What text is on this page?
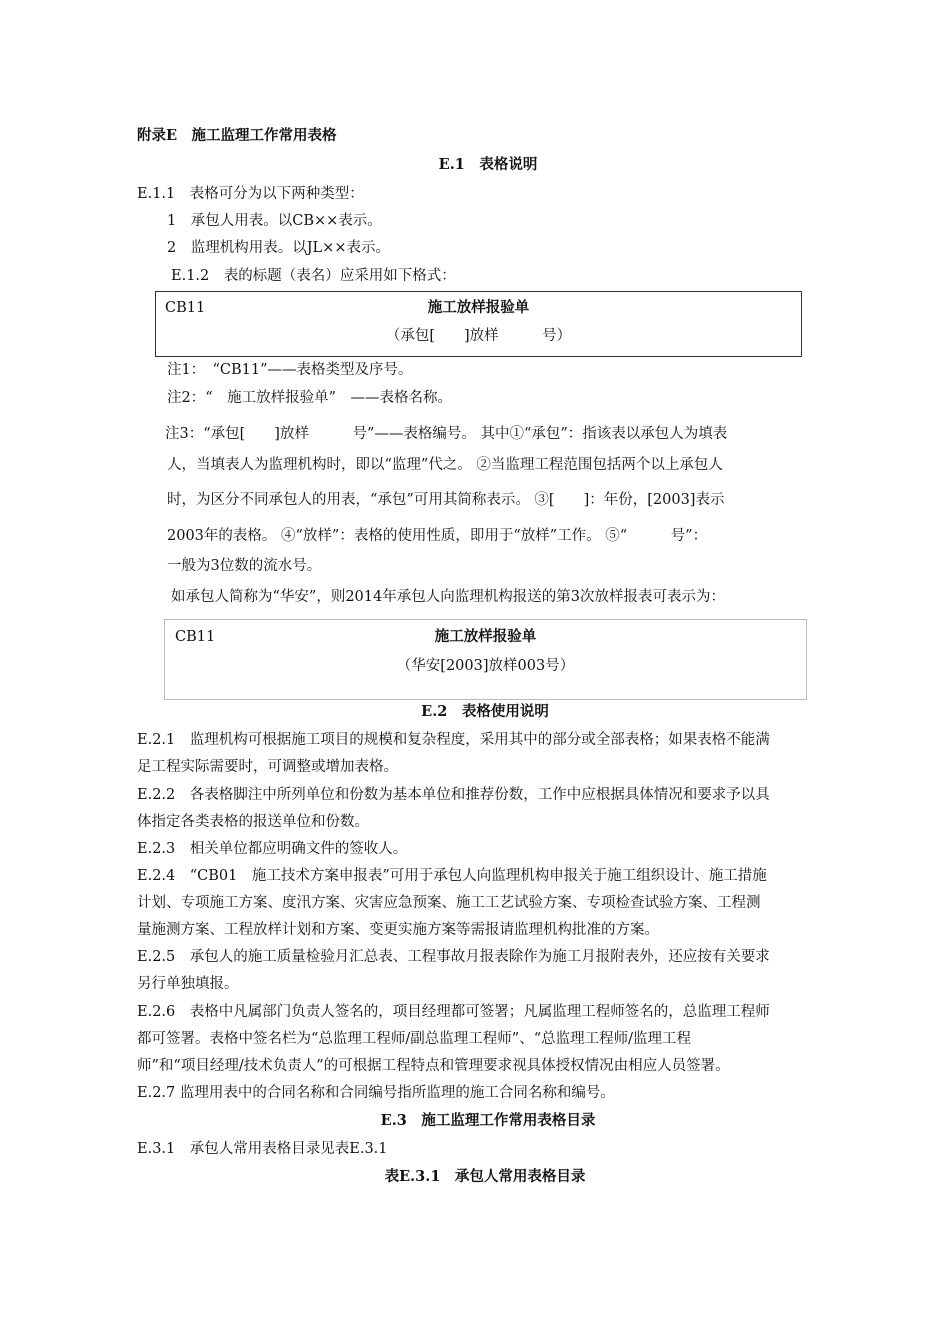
附录E　施工监理工作常用表格
E.1　表格说明
E.1.1　表格可分为以下两种类型：
1　承包人用表。以CB××表示。
2　监理机构用表。以JL××表示。
E.1.2　表的标题（表名）应采用如下格式：
CB11	施工放样报验单
（承包[　　]放样　　　号）
注1：　“CB11”——表格类型及序号。
注2：“　施工放样报验单”　——表格名称。
注3：“承包[　　]放样　　　号”——表格编号。 其中①“承包”：指该表以承包人为填表
人，当填表人为监理机构时，即以“监理”代之。 ②当监理工程范围包括两个以上承包人
时，为区分不同承包人的用表，“承包”可用其简称表示。 ③[　　]：年份，[2003]表示
2003年的表格。 ④“放样”：表格的使用性质，即用于“放样”工作。 ⑤“　　　号”：
一般为3位数的流水号。
如承包人简称为“华安”，则2014年承包人向监理机构报送的第3次放样报表可表示为：
CB11	施工放样报验单
（华安[2003]放样003号）
E.2　表格使用说明
E.2.1　监理机构可根据施工项目的规模和复杂程度，采用其中的部分或全部表格；如果表格不能满
足工程实际需要时，可调整或增加表格。
E.2.2　各表格脚注中所列单位和份数为基本单位和推荐份数，工作中应根据具体情况和要求予以具
体指定各类表格的报送单位和份数。
E.2.3　相关单位都应明确文件的签收人。
E.2.4　“CB01　施工技术方案申报表”可用于承包人向监理机构申报关于施工组织设计、施工措施
计划、专项施工方案、度汛方案、灾害应急预案、施工工艺试验方案、专项检查试验方案、工程测
量施测方案、工程放样计划和方案、变更实施方案等需报请监理机构批准的方案。
E.2.5　承包人的施工质量检验月汇总表、工程事故月报表除作为施工月报附表外，还应按有关要求
另行单独填报。
E.2.6　表格中凡属部门负责人签名的，项目经理都可签署；凡属监理工程师签名的，总监理工程师
都可签署。表格中签名栏为“总监理工程师/副总监理工程师”、“总监理工程师/监理工程
师”和“项目经理/技术负责人”的可根据工程特点和管理要求视具体授权情况由相应人员签署。
E.2.7 监理用表中的合同名称和合同编号指所监理的施工合同名称和编号。
E.3　施工监理工作常用表格目录
E.3.1　承包人常用表格目录见表E.3.1
表E.3.1　承包人常用表格目录
